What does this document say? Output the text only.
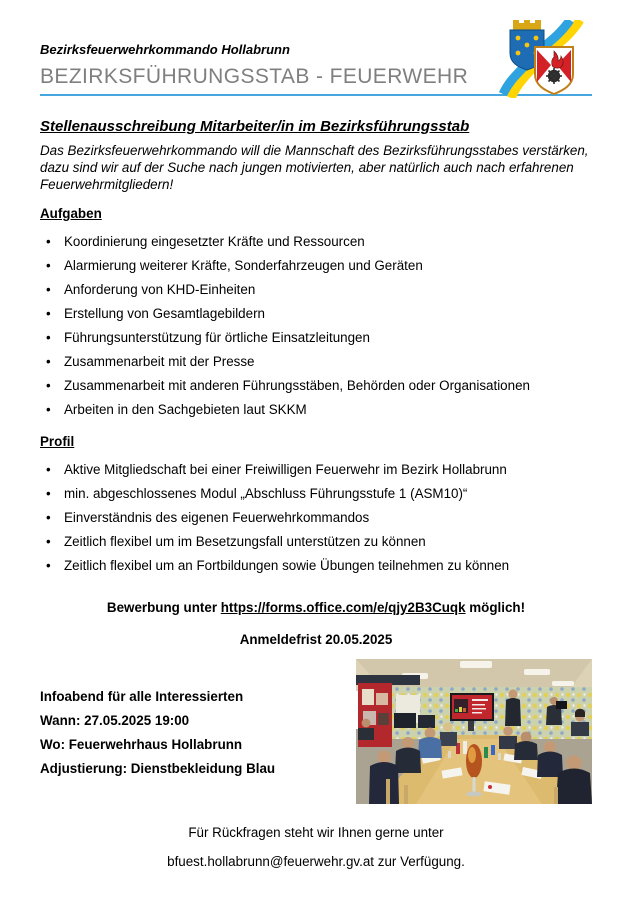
Bezirksfeuerwehrkommando Hollabrunn
BEZIRKSFÜHRUNGSSTAB - FEUERWEHR
Stellenausschreibung Mitarbeiter/in im Bezirksführungsstab

Das Bezirksfeuerwehrkommando will die Mannschaft des Bezirksführungsstabes verstärken, dazu sind wir auf der Suche nach jungen motivierten, aber natürlich auch nach erfahrenen Feuerwehrmitgliedern!

Aufgaben
• Koordinierung eingesetzter Kräfte und Ressourcen
• Alarmierung weiterer Kräfte, Sonderfahrzeugen und Geräten
• Anforderung von KHD-Einheiten
• Erstellung von Gesamtlagebildern
• Führungsunterstützung für örtliche Einsatzleitungen
• Zusammenarbeit mit der Presse
• Zusammenarbeit mit anderen Führungsstäben, Behörden oder Organisationen
• Arbeiten in den Sachgebieten laut SKKM
Profil
• Aktive Mitgliedschaft bei einer Freiwilligen Feuerwehr im Bezirk Hollabrunn
• min. abgeschlossenes Modul „Abschluss Führungsstufe 1 (ASM10)“
• Einverständnis des eigenen Feuerwehrkommandos
• Zeitlich flexibel um im Besetzungsfall unterstützen zu können
• Zeitlich flexibel um an Fortbildungen sowie Übungen teilnehmen zu können

Bewerbung unter https://forms.office.com/e/qjy2B3Cuqk möglich!

Anmeldefrist 20.05.2025

Infoabend für alle Interessierten

Wann: 27.05.2025 19:00

Wo: Feuerwehrhaus Hollabrunn

Adjustierung: Dienstbekleidung Blau

Für Rückfragen steht wir Ihnen gerne unter

bfuest.hollabrunn@feuerwehr.gv.at zur Verfügung.
